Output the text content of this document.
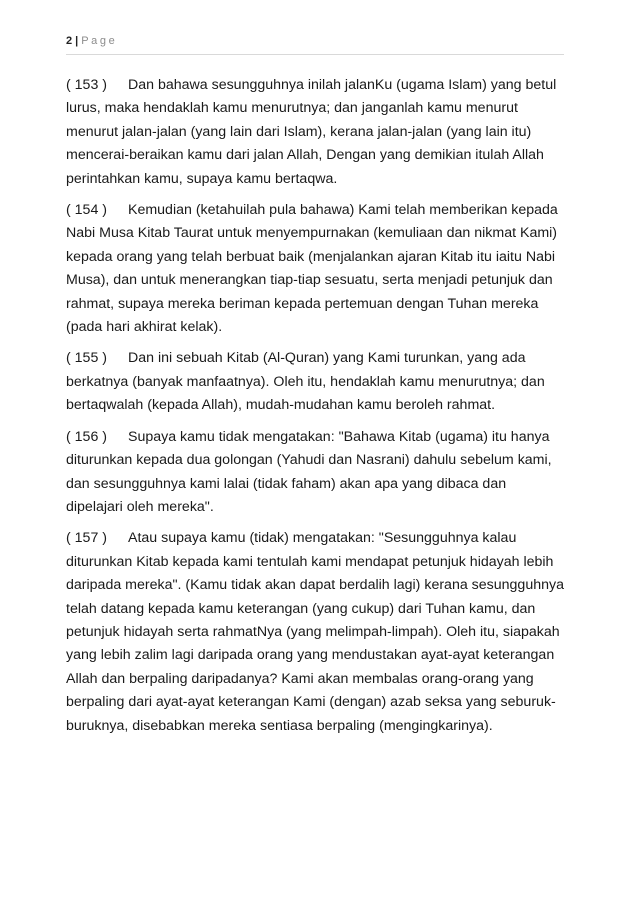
2 | Page

( 153 ) Dan bahawa sesungguhnya inilah jalanKu (ugama Islam) yang betul lurus, maka hendaklah kamu menurutnya; dan janganlah kamu menurut menurut jalan-jalan (yang lain dari Islam), kerana jalan-jalan (yang lain itu) mencerai-beraikan kamu dari jalan Allah, Dengan yang demikian itulah Allah perintahkan kamu, supaya kamu bertaqwa.

( 154 ) Kemudian (ketahuilah pula bahawa) Kami telah memberikan kepada Nabi Musa Kitab Taurat untuk menyempurnakan (kemuliaan dan nikmat Kami) kepada orang yang telah berbuat baik (menjalankan ajaran Kitab itu iaitu Nabi Musa), dan untuk menerangkan tiap-tiap sesuatu, serta menjadi petunjuk dan rahmat, supaya mereka beriman kepada pertemuan dengan Tuhan mereka (pada hari akhirat kelak).

( 155 ) Dan ini sebuah Kitab (Al-Quran) yang Kami turunkan, yang ada berkatnya (banyak manfaatnya). Oleh itu, hendaklah kamu menurutnya; dan bertaqwalah (kepada Allah), mudah-mudahan kamu beroleh rahmat.

( 156 ) Supaya kamu tidak mengatakan: "Bahawa Kitab (ugama) itu hanya diturunkan kepada dua golongan (Yahudi dan Nasrani) dahulu sebelum kami, dan sesungguhnya kami lalai (tidak faham) akan apa yang dibaca dan dipelajari oleh mereka".

( 157 ) Atau supaya kamu (tidak) mengatakan: "Sesungguhnya kalau diturunkan Kitab kepada kami tentulah kami mendapat petunjuk hidayah lebih daripada mereka". (Kamu tidak akan dapat berdalih lagi) kerana sesungguhnya telah datang kepada kamu keterangan (yang cukup) dari Tuhan kamu, dan petunjuk hidayah serta rahmatNya (yang melimpah-limpah). Oleh itu, siapakah yang lebih zalim lagi daripada orang yang mendustakan ayat-ayat keterangan Allah dan berpaling daripadanya? Kami akan membalas orang-orang yang berpaling dari ayat-ayat keterangan Kami (dengan) azab seksa yang seburuk-buruknya, disebabkan mereka sentiasa berpaling (mengingkarinya).
